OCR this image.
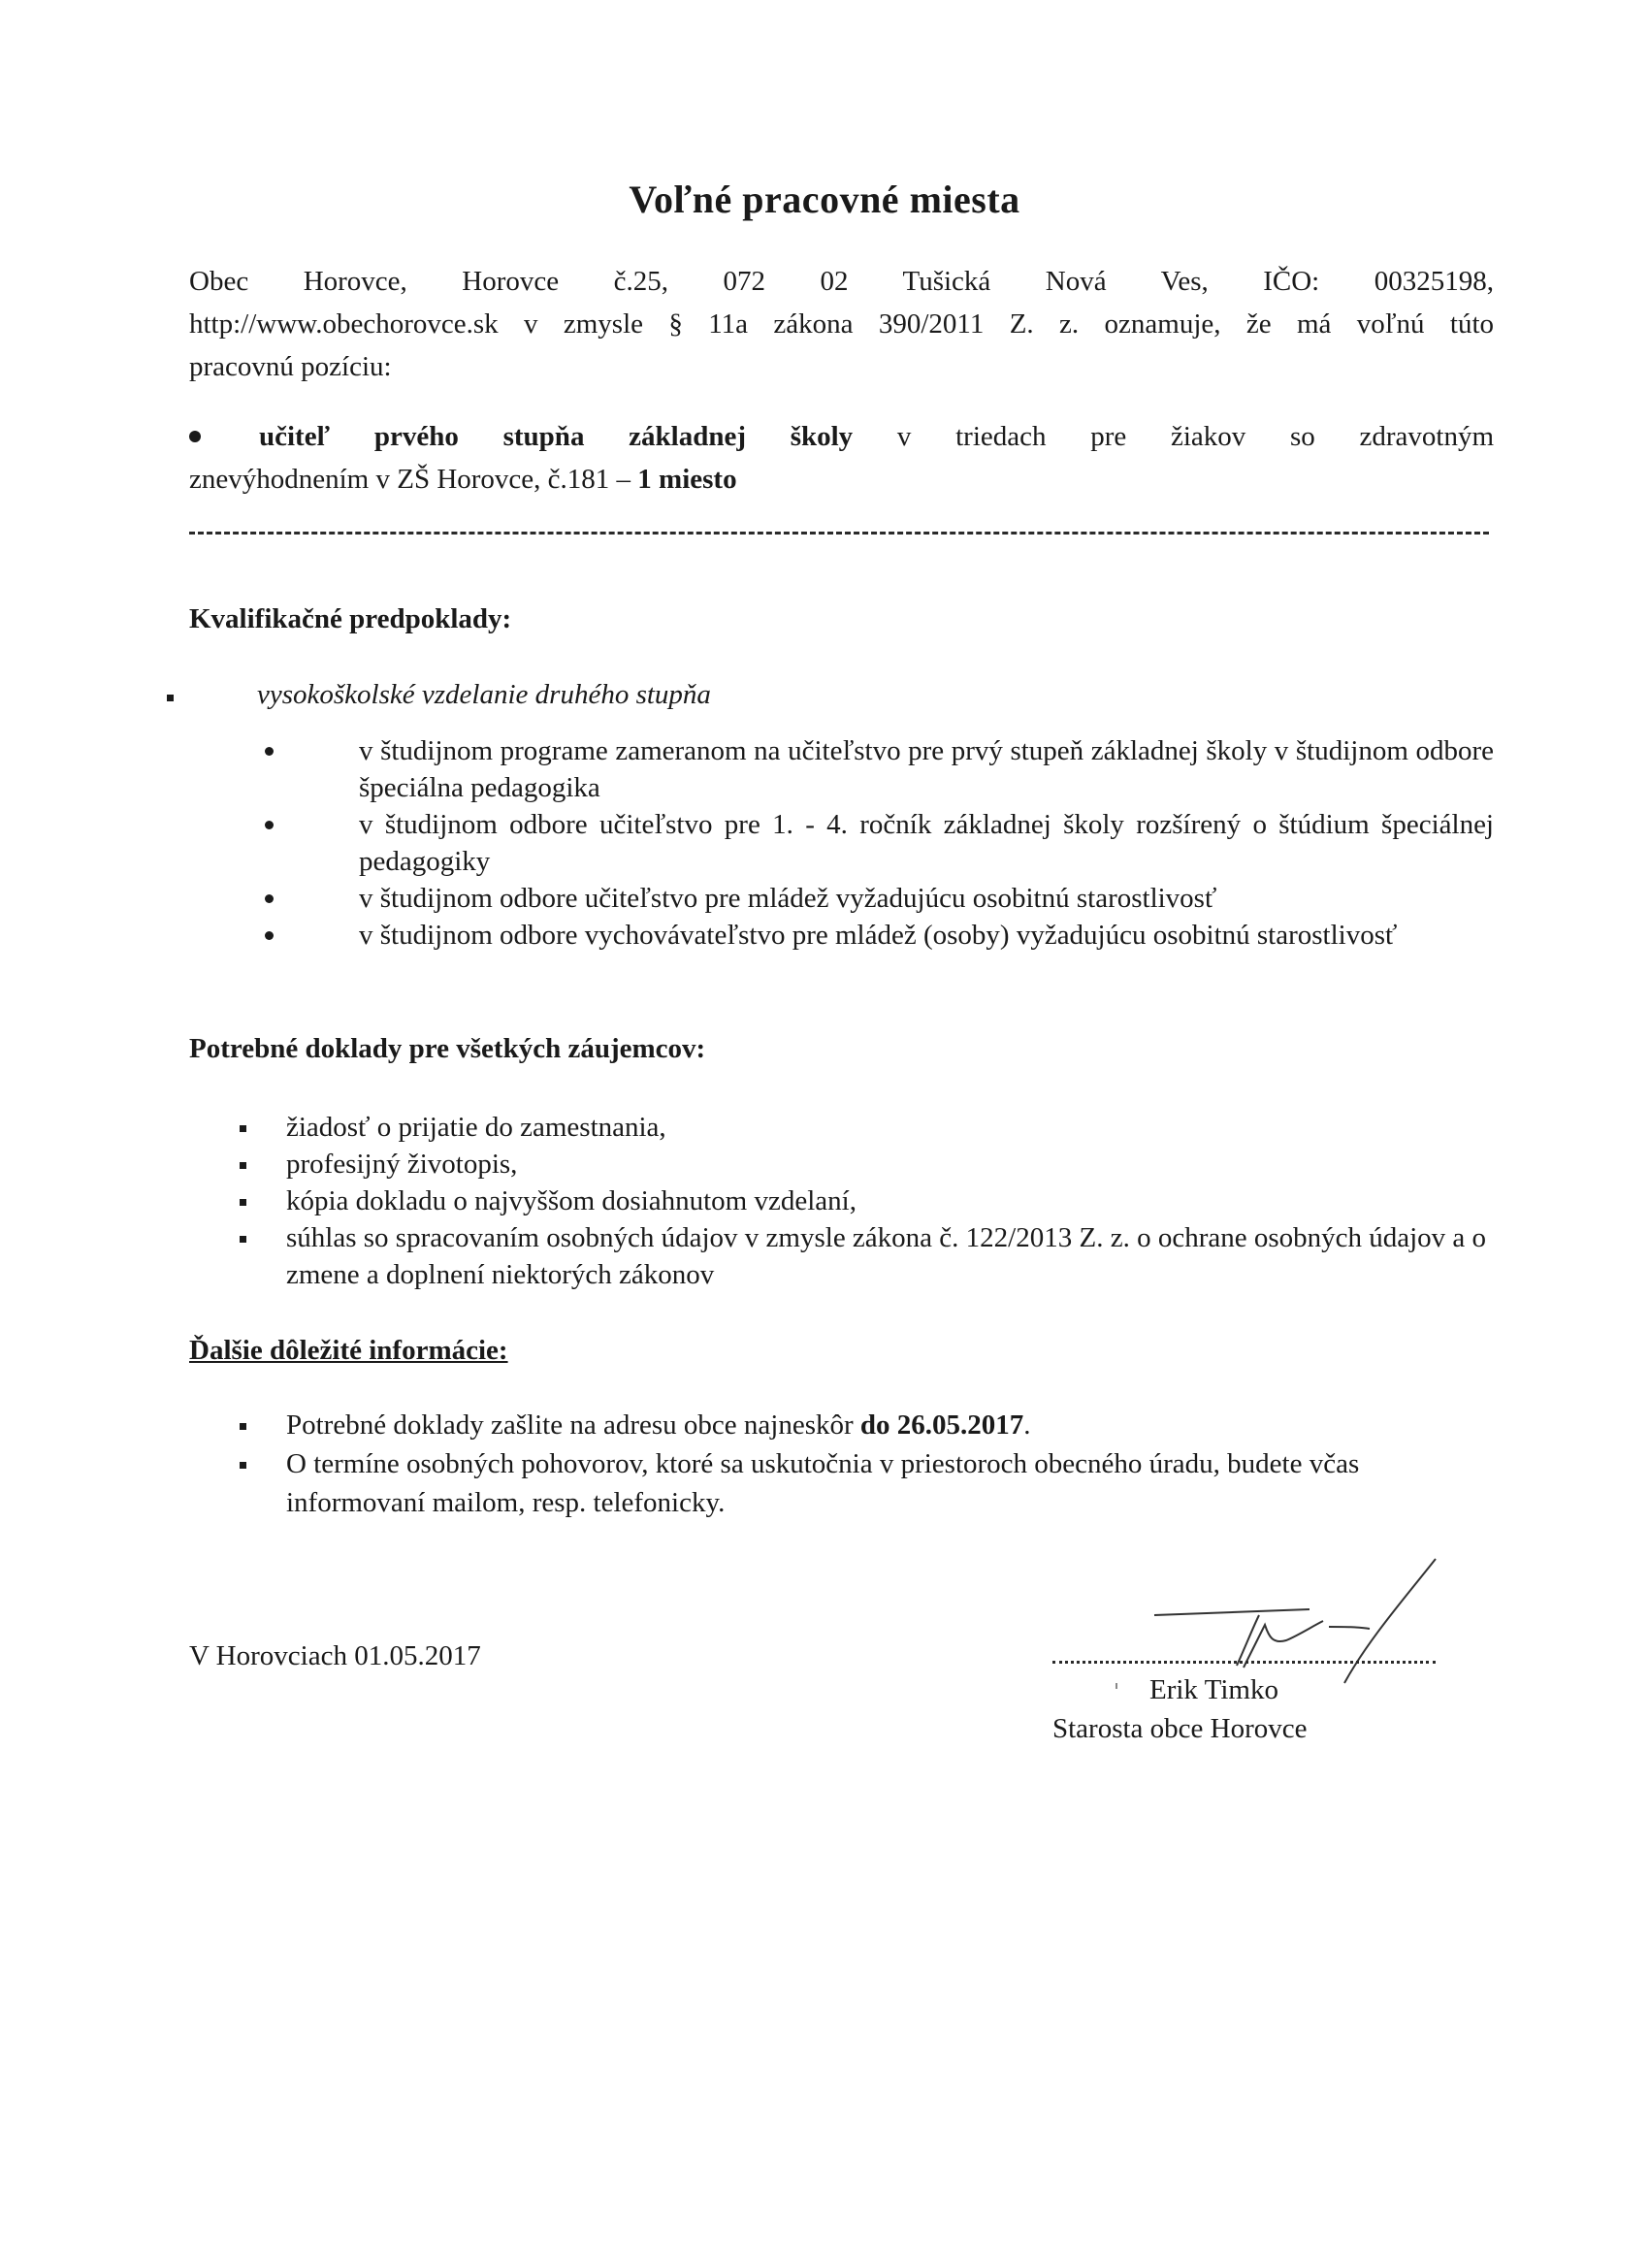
Voľné pracovné miesta
Obec Horovce, Horovce č.25, 072 02 Tušická Nová Ves, IČO: 00325198,
http://www.obechorovce.sk v zmysle § 11a zákona 390/2011 Z. z. oznamuje, že má voľnú túto
pracovnú pozíciu:
učiteľ prvého stupňa základnej školy v triedach pre žiakov so zdravotným
znevýhodnením v ZŠ Horovce, č.181 – 1 miesto
Kvalifikačné predpoklady:
vysokoškolské vzdelanie druhého stupňa
v študijnom programe zameranom na učiteľstvo pre prvý stupeň základnej školy v študijnom odbore špeciálna pedagogika
v študijnom odbore učiteľstvo pre 1. - 4. ročník základnej školy rozšírený o štúdium špeciálnej pedagogiky
v študijnom odbore učiteľstvo pre mládež vyžadujúcu osobitnú starostlivosť
v študijnom odbore vychovávateľstvo pre mládež (osoby) vyžadujúcu osobitnú starostlivosť
Potrebné doklady pre všetkých záujemcov:
žiadosť o prijatie do zamestnania,
profesijný životopis,
kópia dokladu o najvyššom dosiahnutom vzdelaní,
súhlas so spracovaním osobných údajov v zmysle zákona č. 122/2013 Z. z. o ochrane osobných údajov a o zmene a doplnení niektorých zákonov
Ďalšie dôležité informácie:
Potrebné doklady zašlite na adresu obce najneskôr do 26.05.2017.
O termíne osobných pohovorov, ktoré sa uskutočnia v priestoroch obecného úradu, budete včas informovaní mailom, resp. telefonicky.
V Horovciach 01.05.2017
Erik Timko
Starosta obce Horovce
